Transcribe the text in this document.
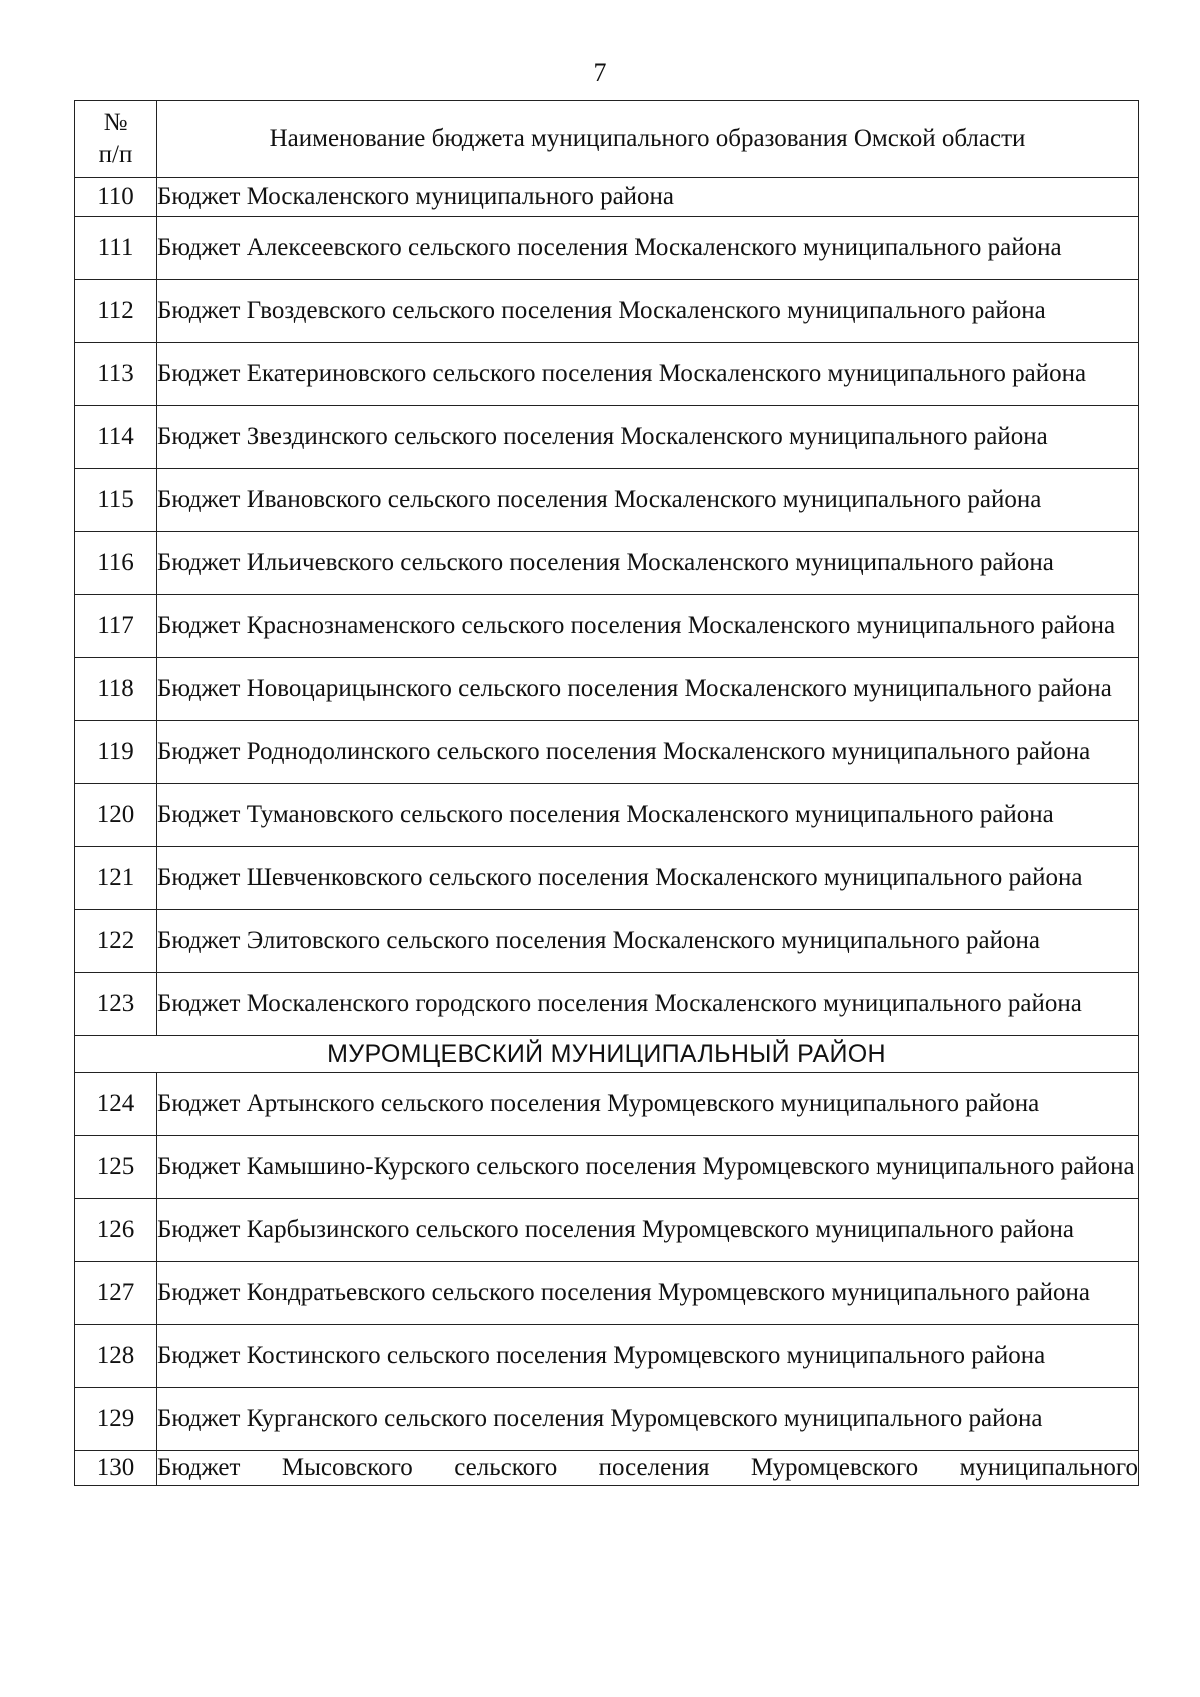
7
№
п/п	Наименование бюджета муниципального образования Омской области
110	Бюджет Москаленского муниципального района
111	Бюджет Алексеевского сельского поселения Москаленского муниципального района
112	Бюджет Гвоздевского сельского поселения Москаленского муниципального района
113	Бюджет Екатериновского сельского поселения Москаленского муниципального района
114	Бюджет Звездинского сельского поселения Москаленского муниципального района
115	Бюджет Ивановского сельского поселения Москаленского муниципального района
116	Бюджет Ильичевского сельского поселения Москаленского муниципального района
117	Бюджет Краснознаменского сельского поселения Москаленского муниципального района
118	Бюджет Новоцарицынского сельского поселения Москаленского муниципального района
119	Бюджет Роднодолинского сельского поселения Москаленского муниципального района
120	Бюджет Тумановского сельского поселения Москаленского муниципального района
121	Бюджет Шевченковского сельского поселения Москаленского муниципального района
122	Бюджет Элитовского сельского поселения Москаленского муниципального района
123	Бюджет Москаленского городского поселения Москаленского муниципального района
МУРОМЦЕВСКИЙ МУНИЦИПАЛЬНЫЙ РАЙОН	
124	Бюджет Артынского сельского поселения Муромцевского муниципального района
125	Бюджет Камышино-Курского сельского поселения Муромцевского муниципального района
126	Бюджет Карбызинского сельского поселения Муромцевского муниципального района
127	Бюджет Кондратьевского сельского поселения Муромцевского муниципального района
128	Бюджет Костинского сельского поселения Муромцевского муниципального района
129	Бюджет Курганского сельского поселения Муромцевского муниципального района
130	Бюджет Мысовского сельского поселения Муромцевского муниципального
